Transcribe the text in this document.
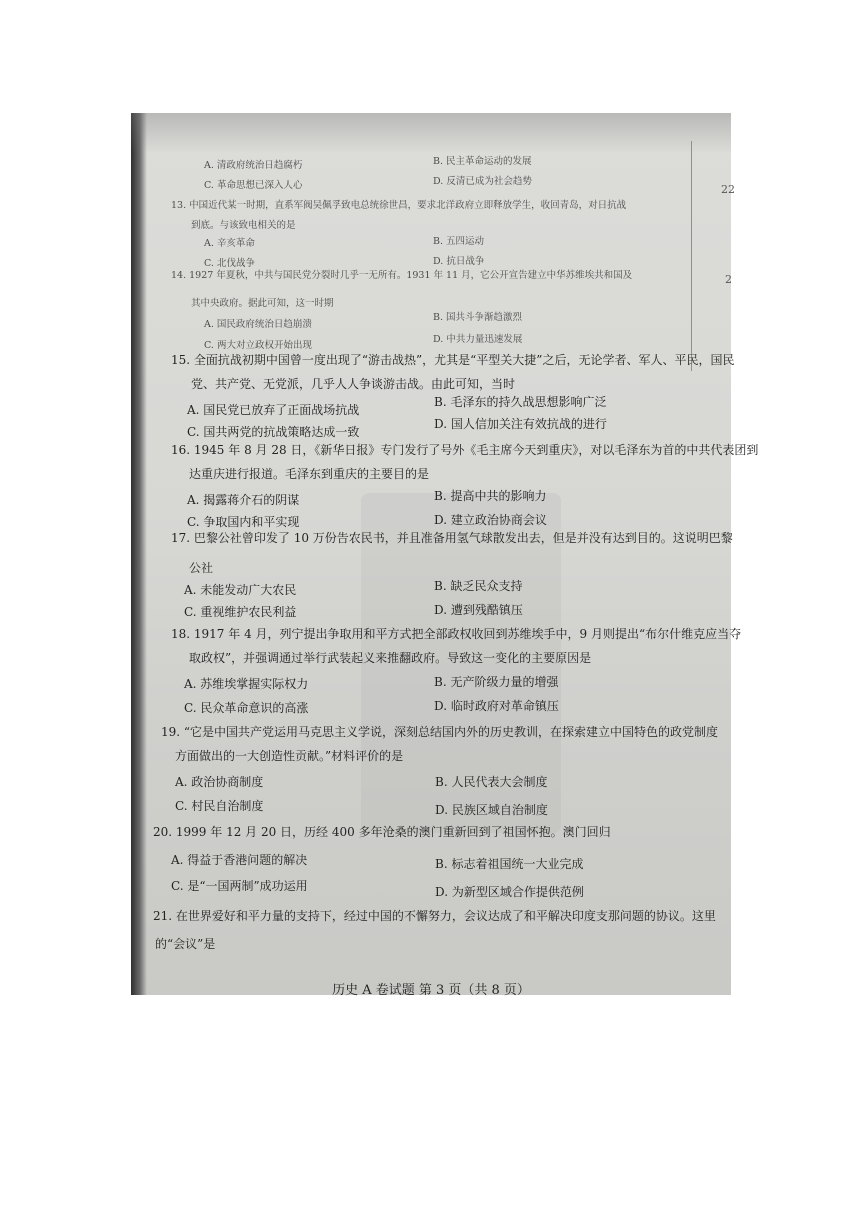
22
2
A. 清政府统治日趋腐朽	B. 民主革命运动的发展
C. 革命思想已深入人心	D. 反清已成为社会趋势
13. 中国近代某一时期，直系军阀吴佩孚致电总统徐世昌，要求北洋政府立即释放学生，收回青岛，对日抗战
到底。与该致电相关的是
A. 辛亥革命	B. 五四运动
C. 北伐战争	D. 抗日战争
14. 1927 年夏秋，中共与国民党分裂时几乎一无所有。1931 年 11 月，它公开宣告建立中华苏维埃共和国及
其中央政府。据此可知，这一时期
A. 国民政府统治日趋崩溃
B. 国共斗争渐趋激烈
C. 两大对立政权开始出现
D. 中共力量迅速发展
15. 全面抗战初期中国曾一度出现了“游击战热”，尤其是“平型关大捷”之后，无论学者、军人、平民，国民
党、共产党、无党派，几乎人人争谈游击战。由此可知，当时
A. 国民党已放弃了正面战场抗战
B. 毛泽东的持久战思想影响广泛
C. 国共两党的抗战策略达成一致
D. 国人信加关注有效抗战的进行
16. 1945 年 8 月 28 日，《新华日报》专门发行了号外《毛主席今天到重庆》，对以毛泽东为首的中共代表团到
达重庆进行报道。毛泽东到重庆的主要目的是
A. 揭露蒋介石的阴谋	B. 提高中共的影响力
C. 争取国内和平实现	D. 建立政治协商会议
17. 巴黎公社曾印发了 10 万份告农民书，并且准备用氢气球散发出去，但是并没有达到目的。这说明巴黎
公社
A. 未能发动广大农民	B. 缺乏民众支持
C. 重视维护农民利益	D. 遭到残酷镇压
18. 1917 年 4 月，列宁提出争取用和平方式把全部政权收回到苏维埃手中，9 月则提出“布尔什维克应当夺
取政权”，并强调通过举行武装起义来推翻政府。导致这一变化的主要原因是
A. 苏维埃掌握实际权力	B. 无产阶级力量的增强
C. 民众革命意识的高涨	D. 临时政府对革命镇压
19. “它是中国共产党运用马克思主义学说，深刻总结国内外的历史教训，在探索建立中国特色的政党制度
方面做出的一大创造性贡献。”材料评价的是
A. 政治协商制度	B. 人民代表大会制度
C. 村民自治制度	D. 民族区域自治制度
20. 1999 年 12 月 20 日，历经 400 多年沧桑的澳门重新回到了祖国怀抱。澳门回归
A. 得益于香港问题的解决	B. 标志着祖国统一大业完成
C. 是“一国两制”成功运用	D. 为新型区域合作提供范例
21. 在世界爱好和平力量的支持下，经过中国的不懈努力，会议达成了和平解决印度支那问题的协议。这里
的“会议”是
历史 A 卷试题 第 3 页（共 8 页）
